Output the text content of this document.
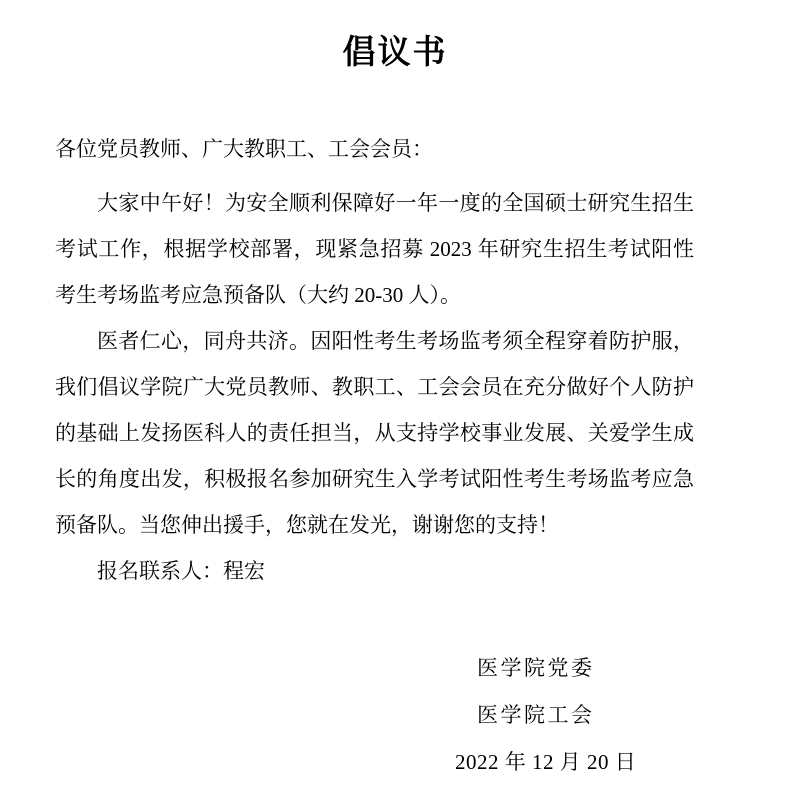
倡议书
各位党员教师、广大教职工、工会会员：
大家中午好！为安全顺利保障好一年一度的全国硕士研究生招生
考试工作，根据学校部署，现紧急招募 2023 年研究生招生考试阳性
考生考场监考应急预备队（大约 20-30 人）。
医者仁心，同舟共济。因阳性考生考场监考须全程穿着防护服，
我们倡议学院广大党员教师、教职工、工会会员在充分做好个人防护
的基础上发扬医科人的责任担当，从支持学校事业发展、关爱学生成
长的角度出发，积极报名参加研究生入学考试阳性考生考场监考应急
预备队。当您伸出援手，您就在发光，谢谢您的支持！
报名联系人：程宏
医学院党委
医学院工会
2022 年 12 月 20 日
